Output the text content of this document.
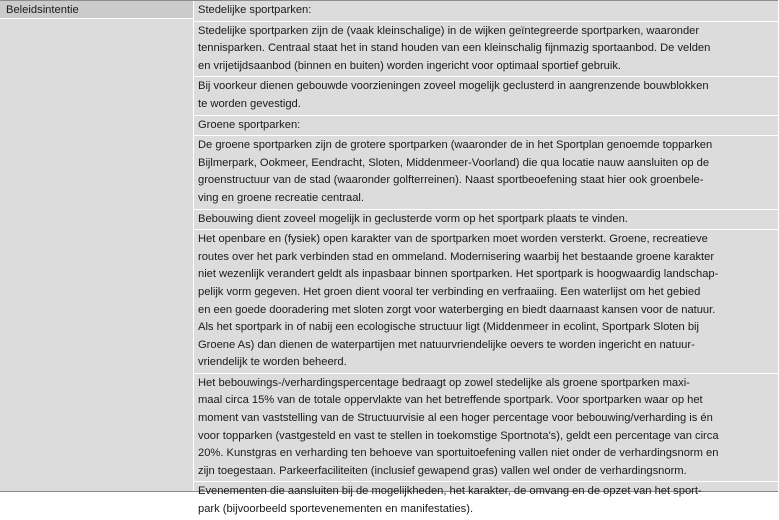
Beleidsintentie	Stedelijke sportparken:
Stedelijke sportparken zijn de (vaak kleinschalige) in de wijken geïntegreerde sportparken, waaronder
tennisparken. Centraal staat het in stand houden van een kleinschalig fijnmazig sportaanbod. De velden
en vrijetijdsaanbod (binnen en buiten) worden ingericht voor optimaal sportief gebruik.
Bij voorkeur dienen gebouwde voorzieningen zoveel mogelijk geclusterd in aangrenzende bouwblokken
te worden gevestigd.
Groene sportparken:
De groene sportparken zijn de grotere sportparken (waaronder de in het Sportplan genoemde topparken
Bijlmerpark, Ookmeer, Eendracht, Sloten, Middenmeer-Voorland) die qua locatie nauw aansluiten op de
groenstructuur van de stad (waaronder golfterreinen). Naast sportbeoefening staat hier ook groenbele-
ving en groene recreatie centraal.
Bebouwing dient zoveel mogelijk in geclusterde vorm op het sportpark plaats te vinden.
Het openbare en (fysiek) open karakter van de sportparken moet worden versterkt. Groene, recreatieve
routes over het park verbinden stad en ommeland. Modernisering waarbij het bestaande groene karakter
niet wezenlijk verandert geldt als inpasbaar binnen sportparken. Het sportpark is hoogwaardig landschap-
pelijk vorm gegeven. Het groen dient vooral ter verbinding en verfraaiing. Een waterlijst om het gebied
en een goede dooradering met sloten zorgt voor waterberging en biedt daarnaast kansen voor de natuur.
Als het sportpark in of nabij een ecologische structuur ligt (Middenmeer in ecolint, Sportpark Sloten bij
Groene As) dan dienen de waterpartijen met natuurvriendelijke oevers te worden ingericht en natuur-
vriendelijk te worden beheerd.
Het bebouwings-/verhardingspercentage bedraagt op zowel stedelijke als groene sportparken maxi-
maal circa 15% van de totale oppervlakte van het betreffende sportpark. Voor sportparken waar op het
moment van vaststelling van de Structuurvisie al een hoger percentage voor bebouwing/verharding is én
voor topparken (vastgesteld en vast te stellen in toekomstige Sportnota's), geldt een percentage van circa
20%. Kunstgras en verharding ten behoeve van sportuitoefening vallen niet onder de verhardingsnorm en
zijn toegestaan. Parkeerfaciliteiten (inclusief gewapend gras) vallen wel onder de verhardingsnorm.
Evenementen die aansluiten bij de mogelijkheden, het karakter, de omvang en de opzet van het sport-
park (bijvoorbeeld sportevenementen en manifestaties).
